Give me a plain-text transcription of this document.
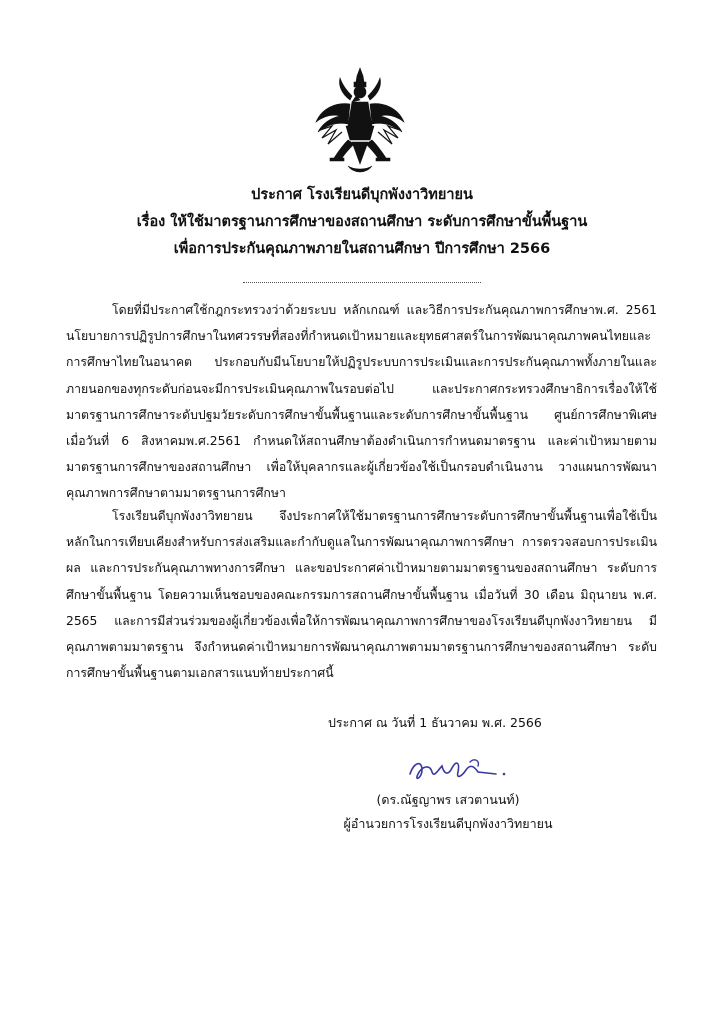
ประกาศ โรงเรียนดีบุกพังงาวิทยายน
เรื่อง ให้ใช้มาตรฐานการศึกษาของสถานศึกษา ระดับการศึกษาขั้นพื้นฐาน
เพื่อการประกันคุณภาพภายในสถานศึกษา ปีการศึกษา 2566

โดยที่มีประกาศใช้กฎกระทรวงว่าด้วยระบบ หลักเกณฑ์ และวิธีการประกันคุณภาพการศึกษาพ.ศ. 2561 นโยบายการปฏิรูปการศึกษาในทศวรรษที่สองที่กำหนดเป้าหมายและยุทธศาสตร์ในการพัฒนาคุณภาพคนไทยและการศึกษาไทยในอนาคต ประกอบกับมีนโยบายให้ปฏิรูประบบการประเมินและการประกันคุณภาพทั้งภายในและภายนอกของทุกระดับก่อนจะมีการประเมินคุณภาพในรอบต่อไป และประกาศกระทรวงศึกษาธิการเรื่องให้ใช้มาตรฐานการศึกษาระดับปฐมวัยระดับการศึกษาขั้นพื้นฐานและระดับการศึกษาขั้นพื้นฐาน ศูนย์การศึกษาพิเศษ เมื่อวันที่ 6 สิงหาคมพ.ศ.2561 กำหนดให้สถานศึกษาต้องดำเนินการกำหนดมาตรฐาน และค่าเป้าหมายตามมาตรฐานการศึกษาของสถานศึกษา เพื่อให้บุคลากรและผู้เกี่ยวข้องใช้เป็นกรอบดำเนินงาน วางแผนการพัฒนาคุณภาพการศึกษาตามมาตรฐานการศึกษา

โรงเรียนดีบุกพังงาวิทยายน จึงประกาศให้ใช้มาตรฐานการศึกษาระดับการศึกษาขั้นพื้นฐานเพื่อใช้เป็นหลักในการเทียบเคียงสำหรับการส่งเสริมและกำกับดูแลในการพัฒนาคุณภาพการศึกษา การตรวจสอบการประเมินผล และการประกันคุณภาพทางการศึกษา และขอประกาศค่าเป้าหมายตามมาตรฐานของสถานศึกษา ระดับการศึกษาขั้นพื้นฐาน โดยความเห็นชอบของคณะกรรมการสถานศึกษาขั้นพื้นฐาน เมื่อวันที่ 30 เดือน มิถุนายน พ.ศ. 2565 และการมีส่วนร่วมของผู้เกี่ยวข้องเพื่อให้การพัฒนาคุณภาพการศึกษาของโรงเรียนดีบุกพังงาวิทยายน มีคุณภาพตามมาตรฐาน จึงกำหนดค่าเป้าหมายการพัฒนาคุณภาพตามมาตรฐานการศึกษาของสถานศึกษา ระดับการศึกษาขั้นพื้นฐานตามเอกสารแนบท้ายประกาศนี้

ประกาศ ณ วันที่ 1 ธันวาคม พ.ศ. 2566
(ดร.ณัฐญาพร เสวตานนท์)
ผู้อำนวยการโรงเรียนดีบุกพังงาวิทยายน
